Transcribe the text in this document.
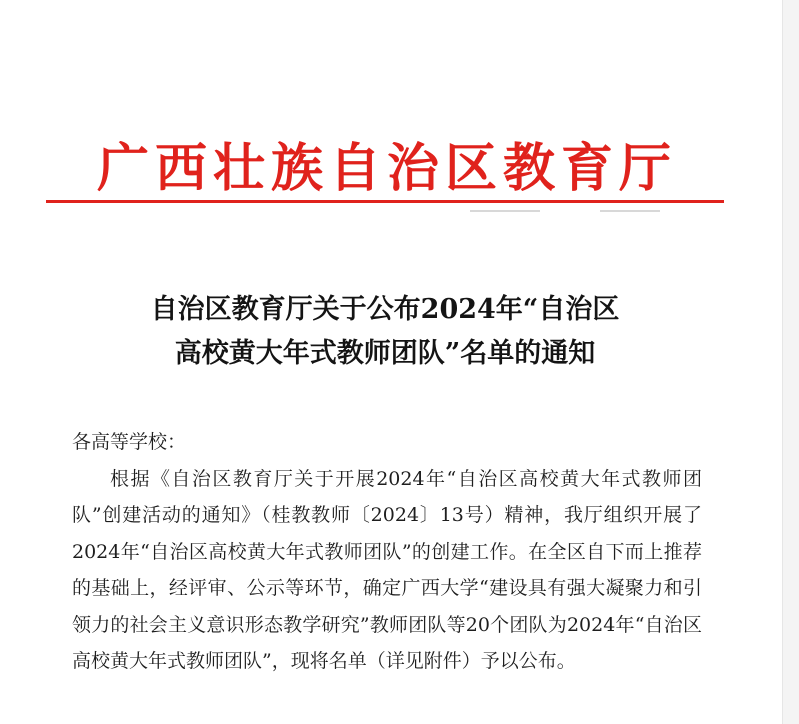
广西壮族自治区教育厅
自治区教育厅关于公布2024年“自治区
高校黄大年式教师团队”名单的通知

各高等学校：

根据《自治区教育厅关于开展2024年“自治区高校黄大年式教师团队”创建活动的通知》（桂教教师〔2024〕13号）精神，我厅组织开展了2024年“自治区高校黄大年式教师团队”的创建工作。在全区自下而上推荐的基础上，经评审、公示等环节，确定广西大学“建设具有强大凝聚力和引领力的社会主义意识形态教学研究”教师团队等20个团队为2024年“自治区高校黄大年式教师团队”，现将名单（详见附件）予以公布。
